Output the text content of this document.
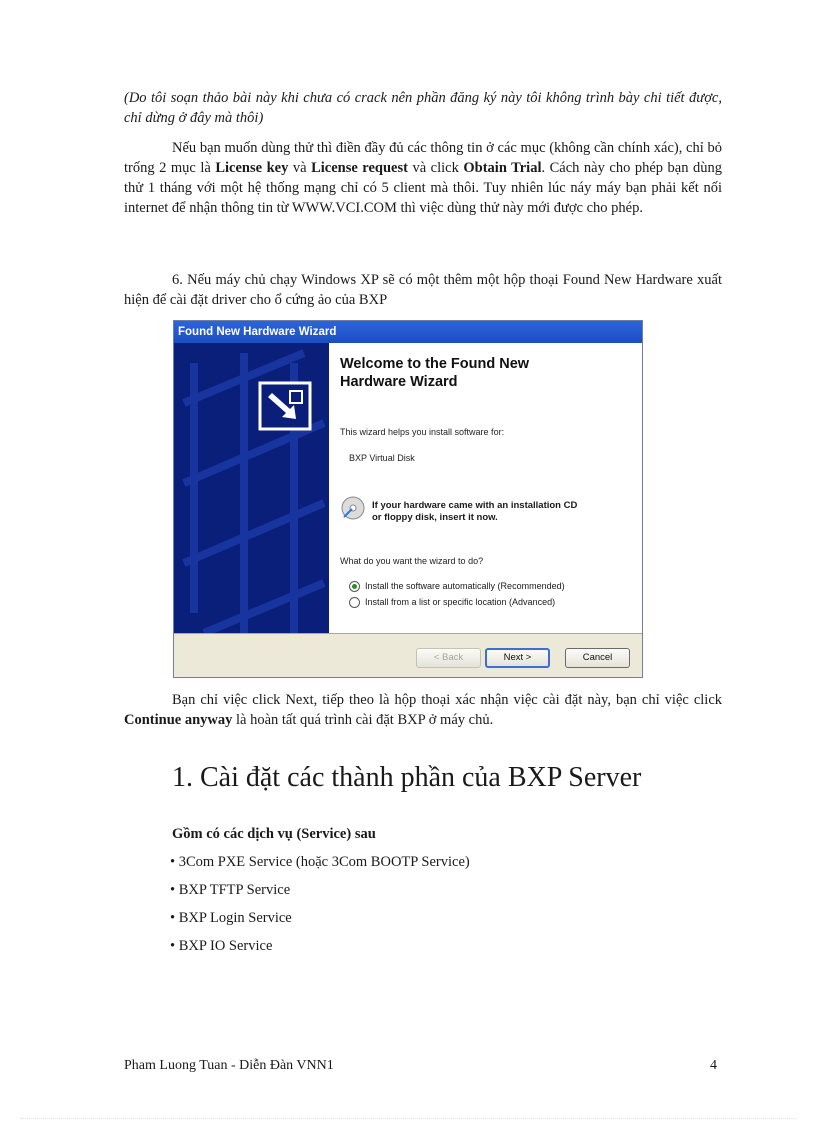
(Do tôi soạn thảo bài này khi chưa có crack nên phần đăng ký này tôi không trình bày chi tiết được, chỉ dừng ở đây mà thôi)

Nếu bạn muốn dùng thử thì điền đầy đủ các thông tin ở các mục (không cần chính xác), chỉ bỏ trống 2 mục là License key và License request và click Obtain Trial. Cách này cho phép bạn dùng thử 1 tháng với một hệ thống mạng chỉ có 5 client mà thôi. Tuy nhiên lúc náy máy bạn phải kết nối internet để nhận thông tin từ WWW.VCI.COM thì việc dùng thử này mới được cho phép.

6. Nếu máy chủ chạy Windows XP sẽ có một thêm một hộp thoại Found New Hardware xuất hiện để cài đặt driver cho ổ cứng ảo của BXP

Found New Hardware Wizard
Welcome to the Found New
Hardware Wizard
This wizard helps you install software for:
BXP Virtual Disk
If your hardware came with an installation CD
or floppy disk, insert it now.
What do you want the wizard to do?
Install the software automatically (Recommended)
Install from a list or specific location (Advanced)
< Back	Next >	Cancel

Bạn chỉ việc click Next, tiếp theo là hộp thoại xác nhận việc cài đặt này, bạn chỉ việc click Continue anyway là hoàn tất quá trình cài đặt BXP ở máy chủ.

1. Cài đặt các thành phần của BXP Server
Gồm có các dịch vụ (Service) sau
• 3Com PXE Service (hoặc 3Com BOOTP Service)
• BXP TFTP Service
• BXP Login Service
• BXP IO Service
Pham Luong Tuan - Diễn Đàn VNN1	4
